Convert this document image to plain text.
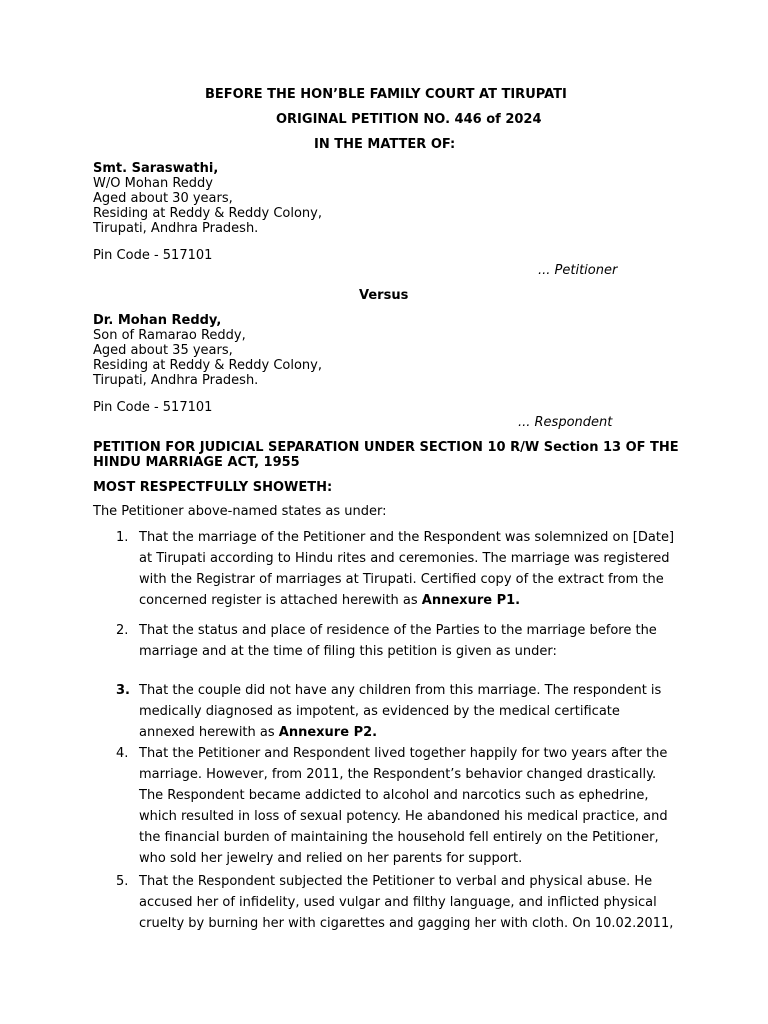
BEFORE THE HON’BLE FAMILY COURT AT TIRUPATI
ORIGINAL PETITION NO. 446 of 2024
IN THE MATTER OF:
Smt. Saraswathi,
W/O Mohan Reddy
Aged about 30 years,
Residing at Reddy & Reddy Colony,
Tirupati, Andhra Pradesh.
Pin Code - 517101
... Petitioner
Versus
Dr. Mohan Reddy,
Son of Ramarao Reddy,
Aged about 35 years,
Residing at Reddy & Reddy Colony,
Tirupati, Andhra Pradesh.
Pin Code - 517101
... Respondent
PETITION FOR JUDICIAL SEPARATION UNDER SECTION 10 R/W Section 13 OF THE
HINDU MARRIAGE ACT, 1955
MOST RESPECTFULLY SHOWETH:
The Petitioner above-named states as under:
1. That the marriage of the Petitioner and the Respondent was solemnized on [Date]
at Tirupati according to Hindu rites and ceremonies. The marriage was registered
with the Registrar of marriages at Tirupati. Certified copy of the extract from the
concerned register is attached herewith as Annexure P1.
2. That the status and place of residence of the Parties to the marriage before the
marriage and at the time of filing this petition is given as under:
3. That the couple did not have any children from this marriage. The respondent is
medically diagnosed as impotent, as evidenced by the medical certificate
annexed herewith as Annexure P2.
4. That the Petitioner and Respondent lived together happily for two years after the
marriage. However, from 2011, the Respondent’s behavior changed drastically.
The Respondent became addicted to alcohol and narcotics such as ephedrine,
which resulted in loss of sexual potency. He abandoned his medical practice, and
the financial burden of maintaining the household fell entirely on the Petitioner,
who sold her jewelry and relied on her parents for support.
5. That the Respondent subjected the Petitioner to verbal and physical abuse. He
accused her of infidelity, used vulgar and filthy language, and inflicted physical
cruelty by burning her with cigarettes and gagging her with cloth. On 10.02.2011,
